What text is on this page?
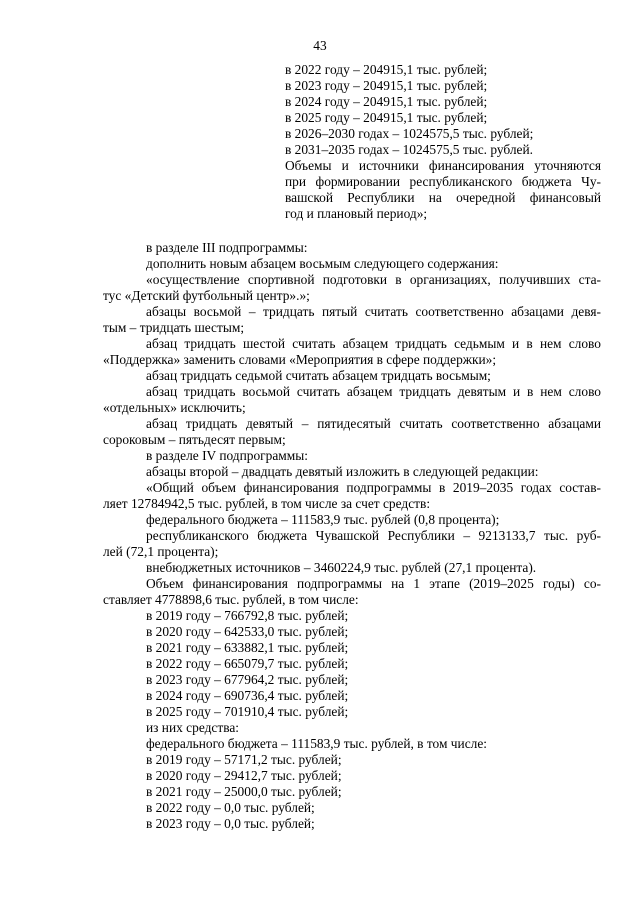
43
в 2022 году – 204915,1 тыс. рублей;
в 2023 году – 204915,1 тыс. рублей;
в 2024 году – 204915,1 тыс. рублей;
в 2025 году – 204915,1 тыс. рублей;
в 2026–2030 годах – 1024575,5 тыс. рублей;
в 2031–2035 годах – 1024575,5 тыс. рублей.
Объемы и источники финансирования уточняются
при формировании республиканского бюджета Чу-
вашской Республики на очередной финансовый
год и плановый период»;
в разделе III подпрограммы:
дополнить новым абзацем восьмым следующего содержания:
«осуществление спортивной подготовки в организациях, получивших ста-
тус «Детский футбольный центр».»;
абзацы восьмой – тридцать пятый считать соответственно абзацами девя-
тым – тридцать шестым;
абзац тридцать шестой считать абзацем тридцать седьмым и в нем слово
«Поддержка» заменить словами «Мероприятия в сфере поддержки»;
абзац тридцать седьмой считать абзацем тридцать восьмым;
абзац тридцать восьмой считать абзацем тридцать девятым и в нем слово
«отдельных» исключить;
абзац тридцать девятый – пятидесятый считать соответственно абзацами
сороковым – пятьдесят первым;
в разделе IV подпрограммы:
абзацы второй – двадцать девятый изложить в следующей редакции:
«Общий объем финансирования подпрограммы в 2019–2035 годах состав-
ляет 12784942,5 тыс. рублей, в том числе за счет средств:
федерального бюджета – 111583,9 тыс. рублей (0,8 процента);
республиканского бюджета Чувашской Республики – 9213133,7 тыс. руб-
лей (72,1 процента);
внебюджетных источников – 3460224,9 тыс. рублей (27,1 процента).
Объем финансирования подпрограммы на 1 этапе (2019–2025 годы) со-
ставляет 4778898,6 тыс. рублей, в том числе:
в 2019 году – 766792,8 тыс. рублей;
в 2020 году – 642533,0 тыс. рублей;
в 2021 году – 633882,1 тыс. рублей;
в 2022 году – 665079,7 тыс. рублей;
в 2023 году – 677964,2 тыс. рублей;
в 2024 году – 690736,4 тыс. рублей;
в 2025 году – 701910,4 тыс. рублей;
из них средства:
федерального бюджета – 111583,9 тыс. рублей, в том числе:
в 2019 году – 57171,2 тыс. рублей;
в 2020 году – 29412,7 тыс. рублей;
в 2021 году – 25000,0 тыс. рублей;
в 2022 году – 0,0 тыс. рублей;
в 2023 году – 0,0 тыс. рублей;
